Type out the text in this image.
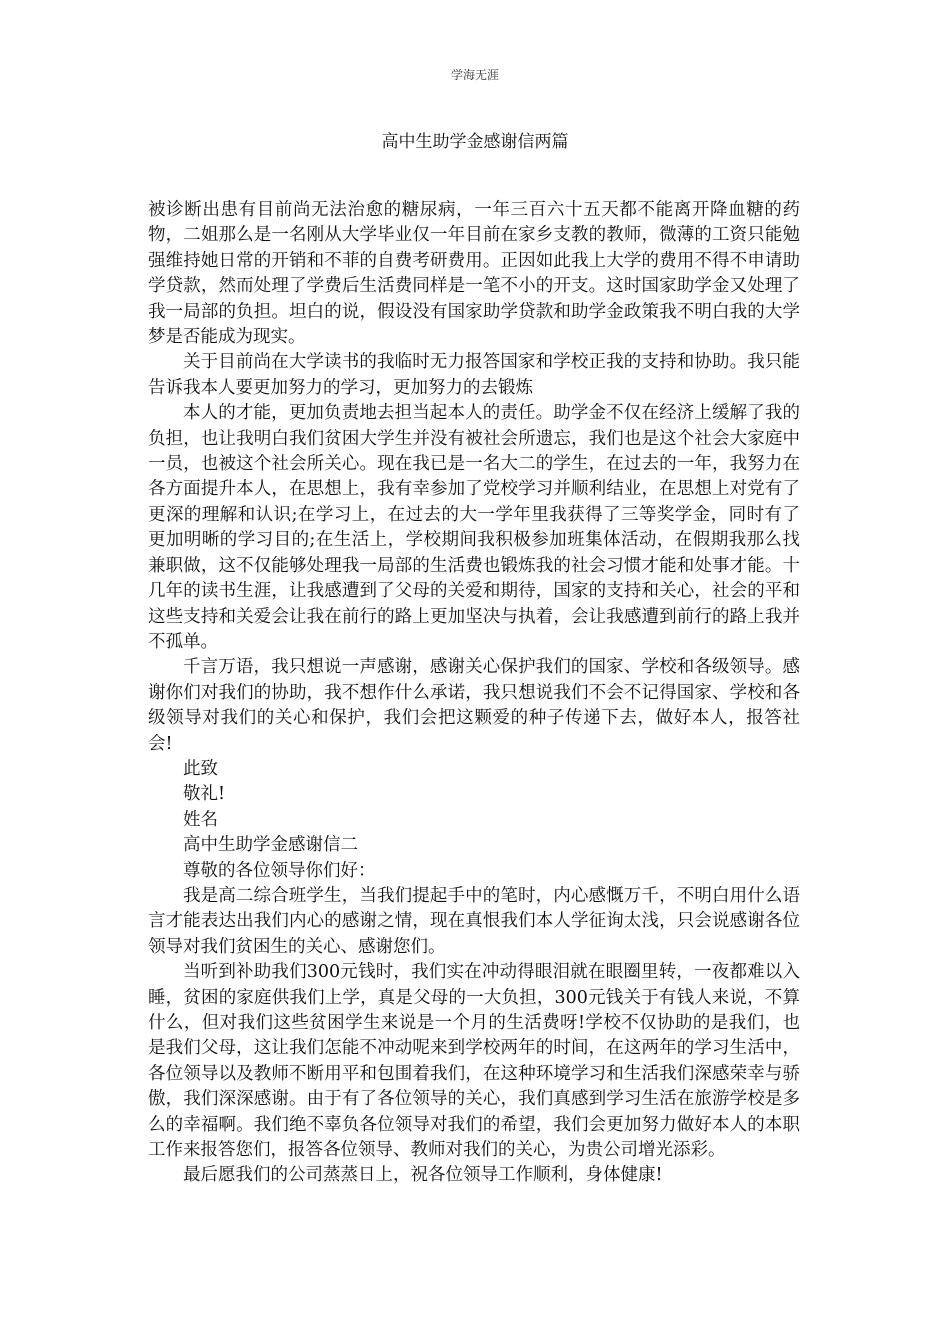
学海无涯
高中生助学金感谢信两篇

被诊断出患有目前尚无法治愈的糖尿病，一年三百六十五天都不能离开降血糖的药物，二姐那么是一名刚从大学毕业仅一年目前在家乡支教的教师，微薄的工资只能勉强维持她日常的开销和不菲的自费考研费用。正因如此我上大学的费用不得不申请助学贷款，然而处理了学费后生活费同样是一笔不小的开支。这时国家助学金又处理了我一局部的负担。坦白的说，假设没有国家助学贷款和助学金政策我不明白我的大学梦是否能成为现实。

关于目前尚在大学读书的我临时无力报答国家和学校正我的支持和协助。我只能告诉我本人要更加努力的学习，更加努力的去锻炼

本人的才能，更加负责地去担当起本人的责任。助学金不仅在经济上缓解了我的负担，也让我明白我们贫困大学生并没有被社会所遗忘，我们也是这个社会大家庭中一员，也被这个社会所关心。现在我已是一名大二的学生，在过去的一年，我努力在各方面提升本人，在思想上，我有幸参加了党校学习并顺利结业，在思想上对党有了更深的理解和认识;在学习上，在过去的大一学年里我获得了三等奖学金，同时有了更加明晰的学习目的;在生活上，学校期间我积极参加班集体活动，在假期我那么找兼职做，这不仅能够处理我一局部的生活费也锻炼我的社会习惯才能和处事才能。十几年的读书生涯，让我感遭到了父母的关爱和期待，国家的支持和关心，社会的平和这些支持和关爱会让我在前行的路上更加坚决与执着，会让我感遭到前行的路上我并不孤单。

千言万语，我只想说一声感谢，感谢关心保护我们的国家、学校和各级领导。感谢你们对我们的协助，我不想作什么承诺，我只想说我们不会不记得国家、学校和各级领导对我们的关心和保护，我们会把这颗爱的种子传递下去，做好本人，报答社会!

此致

敬礼!

姓名

高中生助学金感谢信二

尊敬的各位领导你们好：

我是高二综合班学生，当我们提起手中的笔时，内心感慨万千，不明白用什么语言才能表达出我们内心的感谢之情，现在真恨我们本人学征询太浅，只会说感谢各位领导对我们贫困生的关心、感谢您们。

当听到补助我们300元钱时，我们实在冲动得眼泪就在眼圈里转，一夜都难以入睡，贫困的家庭供我们上学，真是父母的一大负担，300元钱关于有钱人来说，不算什么，但对我们这些贫困学生来说是一个月的生活费呀!学校不仅协助的是我们，也是我们父母，这让我们怎能不冲动呢来到学校两年的时间，在这两年的学习生活中，各位领导以及教师不断用平和包围着我们，在这种环境学习和生活我们深感荣幸与骄傲，我们深深感谢。由于有了各位领导的关心，我们真感到学习生活在旅游学校是多么的幸福啊。我们绝不辜负各位领导对我们的希望，我们会更加努力做好本人的本职工作来报答您们，报答各位领导、教师对我们的关心，为贵公司增光添彩。

最后愿我们的公司蒸蒸日上，祝各位领导工作顺利，身体健康!
